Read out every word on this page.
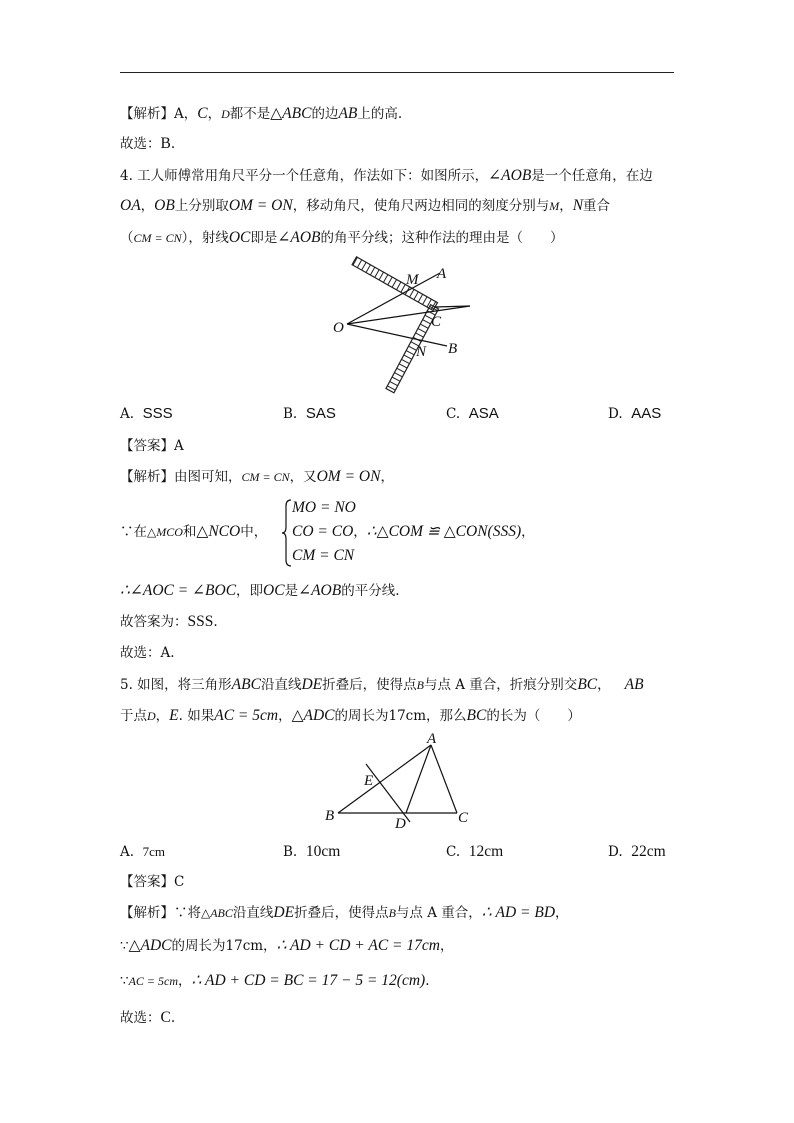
【解析】A，C，D都不是△ABC的边AB上的高.
故选：B.
4. 工人师傅常用角尺平分一个任意角，作法如下：如图所示，∠AOB是一个任意角，在边
OA，OB上分别取OM = ON，移动角尺，使角尺两边相同的刻度分别与M，N重合
（CM = CN），射线OC即是∠AOB的角平分线；这种作法的理由是（　　）
M A
O	C
N B
A. SSS	B. SAS	C. ASA	D. AAS
【答案】A
【解析】由图可知，CM = CN，又OM = ON，
∵在△MCO和△NCO中，
MO = NO
CO = CO，∴△COM ≌ △CON(SSS)，
CM = CN
∴∠AOC = ∠BOC，即OC是∠AOB的平分线.
故答案为：SSS.
故选：A.
5. 如图，将三角形ABC沿直线DE折叠后，使得点B与点 A 重合，折痕分别交BC， AB
于点D，E. 如果AC = 5cm，△ADC的周长为17cm，那么BC的长为（　　）
A
E
B	D	C
A. 7cm	B. 10cm	C. 12cm	D. 22cm
【答案】C
【解析】∵将△ABC沿直线DE折叠后，使得点B与点 A 重合，∴ AD = BD，
∵△ADC的周长为17cm，∴ AD + CD + AC = 17cm，
∵AC = 5cm，∴ AD + CD = BC = 17 − 5 = 12(cm).
故选：C.
